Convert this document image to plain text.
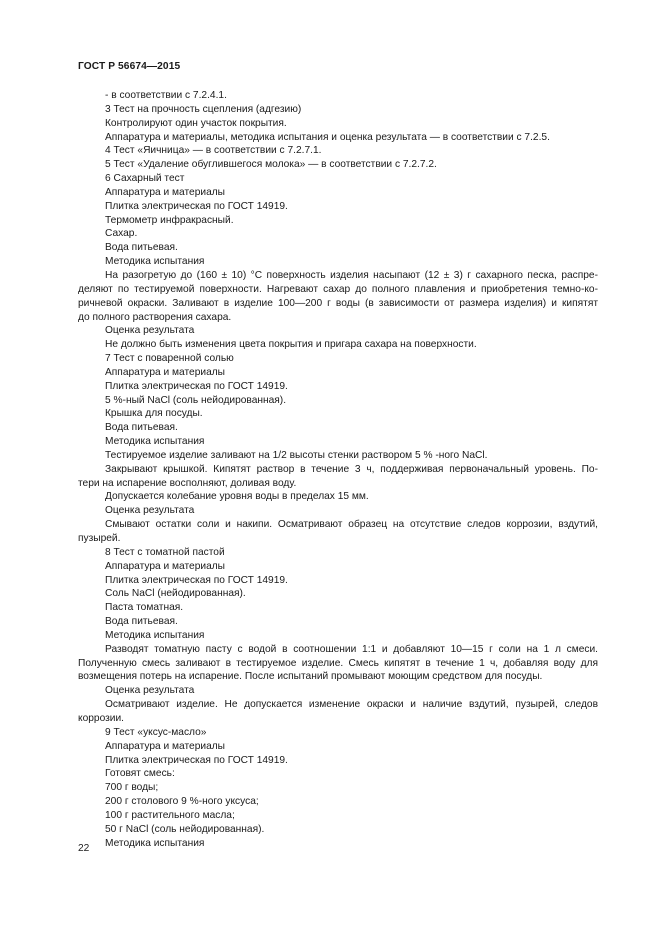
ГОСТ Р 56674—2015
- в соответствии с 7.2.4.1.
3 Тест на прочность сцепления (адгезию)
Контролируют один участок покрытия.
Аппаратура и материалы, методика испытания и оценка результата — в соответствии с 7.2.5.
4 Тест «Яичница» — в соответствии с 7.2.7.1.
5 Тест «Удаление обуглившегося молока» — в соответствии с 7.2.7.2.
6 Сахарный тест
Аппаратура и материалы
Плитка электрическая по ГОСТ 14919.
Термометр инфракрасный.
Сахар.
Вода питьевая.
Методика испытания
На разогретую до (160 ± 10) °С поверхность изделия насыпают (12 ± 3) г сахарного песка, распре-
деляют по тестируемой поверхности. Нагревают сахар до полного плавления и приобретения темно-ко-
ричневой окраски. Заливают в изделие 100—200 г воды (в зависимости от размера изделия) и кипятят
до полного растворения сахара.
Оценка результата
Не должно быть изменения цвета покрытия и пригара сахара на поверхности.
7 Тест с поваренной солью
Аппаратура и материалы
Плитка электрическая по ГОСТ 14919.
5 %-ный NaCl (соль нейодированная).
Крышка для посуды.
Вода питьевая.
Методика испытания
Тестируемое изделие заливают на 1/2 высоты стенки раствором 5 % -ного NaCl.
Закрывают крышкой. Кипятят раствор в течение 3 ч, поддерживая первоначальный уровень. По-
тери на испарение восполняют, доливая воду.
Допускается колебание уровня воды в пределах 15 мм.
Оценка результата
Смывают остатки соли и накипи. Осматривают образец на отсутствие следов коррозии, вздутий,
пузырей.
8 Тест с томатной пастой
Аппаратура и материалы
Плитка электрическая по ГОСТ 14919.
Соль NaCl (нейодированная).
Паста томатная.
Вода питьевая.
Методика испытания
Разводят томатную пасту с водой в соотношении 1:1 и добавляют 10—15 г соли на 1 л смеси.
Полученную смесь заливают в тестируемое изделие. Смесь кипятят в течение 1 ч, добавляя воду для
возмещения потерь на испарение. После испытаний промывают моющим средством для посуды.
Оценка результата
Осматривают изделие. Не допускается изменение окраски и наличие вздутий, пузырей, следов
коррозии.
9 Тест «уксус-масло»
Аппаратура и материалы
Плитка электрическая по ГОСТ 14919.
Готовят смесь:
700 г воды;
200 г столового 9 %-ного уксуса;
100 г растительного масла;
50 г NaCl (соль нейодированная).
Методика испытания
22
